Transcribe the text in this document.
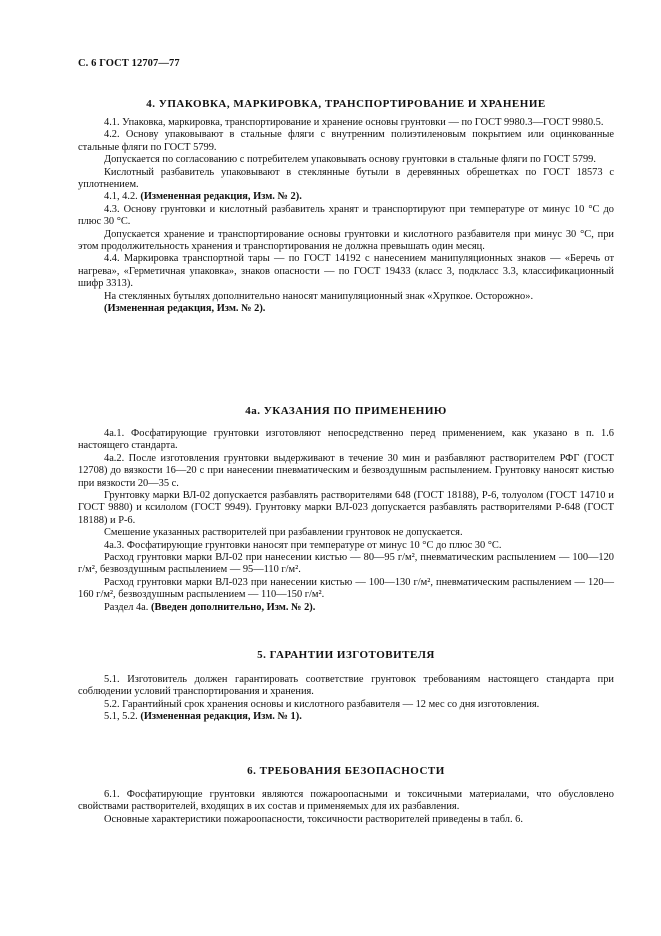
С. 6 ГОСТ 12707—77
4. УПАКОВКА, МАРКИРОВКА, ТРАНСПОРТИРОВАНИЕ И ХРАНЕНИЕ

4.1. Упаковка, маркировка, транспортирование и хранение основы грунтовки — по ГОСТ 9980.3—ГОСТ 9980.5.

4.2. Основу упаковывают в стальные фляги с внутренним полиэтиленовым покрытием или оцинкованные стальные фляги по ГОСТ 5799.

Допускается по согласованию с потребителем упаковывать основу грунтовки в стальные фляги по ГОСТ 5799.

Кислотный разбавитель упаковывают в стеклянные бутыли в деревянных обрешетках по ГОСТ 18573 с уплотнением.

4.1, 4.2. (Измененная редакция, Изм. № 2).

4.3. Основу грунтовки и кислотный разбавитель хранят и транспортируют при температуре от минус 10 °С до плюс 30 °С.

Допускается хранение и транспортирование основы грунтовки и кислотного разбавителя при минус 30 °С, при этом продолжительность хранения и транспортирования не должна превышать один месяц.

4.4. Маркировка транспортной тары — по ГОСТ 14192 с нанесением манипуляционных знаков — «Беречь от нагрева», «Герметичная упаковка», знаков опасности — по ГОСТ 19433 (класс 3, подкласс 3.3, классификационный шифр 3313).

На стеклянных бутылях дополнительно наносят манипуляционный знак «Хрупкое. Осторожно».

(Измененная редакция, Изм. № 2).

4а. УКАЗАНИЯ ПО ПРИМЕНЕНИЮ

4а.1. Фосфатирующие грунтовки изготовляют непосредственно перед применением, как указано в п. 1.6 настоящего стандарта.

4а.2. После изготовления грунтовки выдерживают в течение 30 мин и разбавляют растворителем РФГ (ГОСТ 12708) до вязкости 16—20 с при нанесении пневматическим и безвоздушным распылением. Грунтовку наносят кистью при вязкости 20—35 с.

Грунтовку марки ВЛ-02 допускается разбавлять растворителями 648 (ГОСТ 18188), Р-6, толуолом (ГОСТ 14710 и ГОСТ 9880) и ксилолом (ГОСТ 9949). Грунтовку марки ВЛ-023 допускается разбавлять растворителями Р-648 (ГОСТ 18188) и Р-6.

Смешение указанных растворителей при разбавлении грунтовок не допускается.

4а.3. Фосфатирующие грунтовки наносят при температуре от минус 10 °С до плюс 30 °С.

Расход грунтовки марки ВЛ-02 при нанесении кистью — 80—95 г/м², пневматическим распылением — 100—120 г/м², безвоздушным распылением — 95—110 г/м².

Расход грунтовки марки ВЛ-023 при нанесении кистью — 100—130 г/м², пневматическим распылением — 120—160 г/м², безвоздушным распылением — 110—150 г/м².

Раздел 4а. (Введен дополнительно, Изм. № 2).

5. ГАРАНТИИ ИЗГОТОВИТЕЛЯ

5.1. Изготовитель должен гарантировать соответствие грунтовок требованиям настоящего стандарта при соблюдении условий транспортирования и хранения.

5.2. Гарантийный срок хранения основы и кислотного разбавителя — 12 мес со дня изготовления.

5.1, 5.2. (Измененная редакция, Изм. № 1).

6. ТРЕБОВАНИЯ БЕЗОПАСНОСТИ

6.1. Фосфатирующие грунтовки являются пожароопасными и токсичными материалами, что обусловлено свойствами растворителей, входящих в их состав и применяемых для их разбавления.

Основные характеристики пожароопасности, токсичности растворителей приведены в табл. 6.
